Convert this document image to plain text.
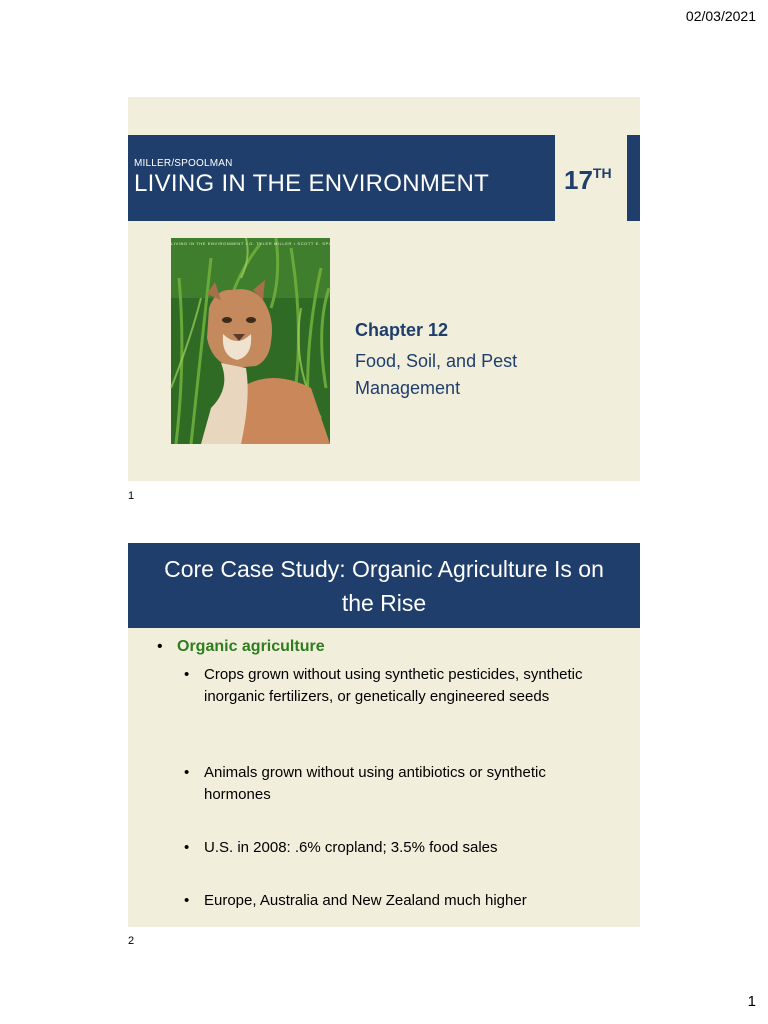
02/03/2021
MILLER/SPOOLMAN
LIVING IN THE ENVIRONMENT	17TH
LIVING IN THE ENVIRONMENT • G. TYLER MILLER • SCOTT E. SPOOLMAN
Chapter 12
Food, Soil, and Pest Management
1
Core Case Study: Organic Agriculture Is on the Rise
• Organic agriculture
• Crops grown without using synthetic pesticides, synthetic inorganic fertilizers, or genetically engineered seeds
• Animals grown without using antibiotics or synthetic hormones
• U.S. in 2008: .6% cropland; 3.5% food sales
• Europe, Australia and New Zealand much higher
2
1
